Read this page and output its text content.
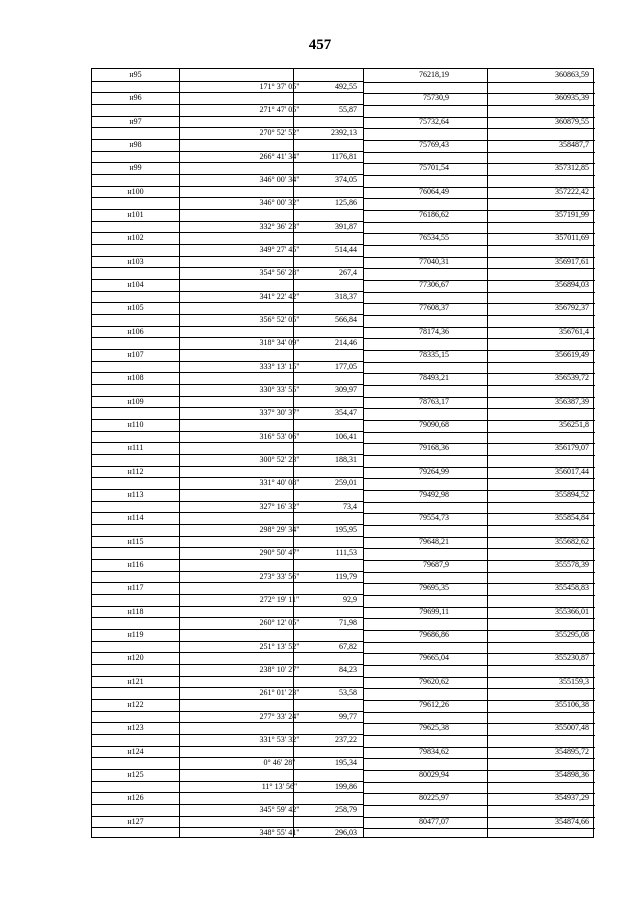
457
н95	76218,19	360863,59
171° 37' 05"	492,55
н96	75730,9	360935,39
271° 47' 05"	55,87
н97	75732,64	360879,55
270° 52' 52"	2392,13
н98	75769,43	358487,7
266° 41' 34"	1176,81
н99	75701,54	357312,85
346° 00' 34"	374,05
н100	76064,49	357222,42
346° 00' 32"	125,86
н101	76186,62	357191,99
332° 36' 23"	391,87
н102	76534,55	357011,69
349° 27' 45"	514,44
н103	77040,31	356917,61
354° 56' 28"	267,4
н104	77306,67	356894,03
341° 22' 42"	318,37
н105	77608,37	356792,37
356° 52' 05"	566,84
н106	78174,36	356761,4
318° 34' 09"	214,46
н107	78335,15	356619,49
333° 13' 15"	177,05
н108	78493,21	356539,72
330° 33' 55"	309,97
н109	78763,17	356387,39
337° 30' 37"	354,47
н110	79090,68	356251,8
316° 53' 06"	106,41
н111	79168,36	356179,07
300° 52' 23"	188,31
н112	79264,99	356017,44
331° 40' 08"	259,01
н113	79492,98	355894,52
327° 16' 32"	73,4
н114	79554,73	355854,84
298° 29' 34"	195,95
н115	79648,21	355682,62
290° 50' 47"	111,53
н116	79687,9	355578,39
273° 33' 56"	119,79
н117	79695,35	355458,83
272° 19' 11"	92,9
н118	79699,11	355366,01
260° 12' 05"	71,98
н119	79686,86	355295,08
251° 13' 52"	67,82
н120	79665,04	355230,87
238° 10' 27"	84,23
н121	79620,62	355159,3
261° 01' 23"	53,58
н122	79612,26	355106,38
277° 33' 24"	99,77
н123	79625,38	355007,48
331° 53' 32"	237,22
н124	79834,62	354895,72
0° 46' 28"	195,34
н125	80029,94	354898,36
11° 13' 56"	199,86
н126	80225,97	354937,29
345° 59' 42"	258,79
н127	80477,07	354874,66
348° 55' 41"	296,03
